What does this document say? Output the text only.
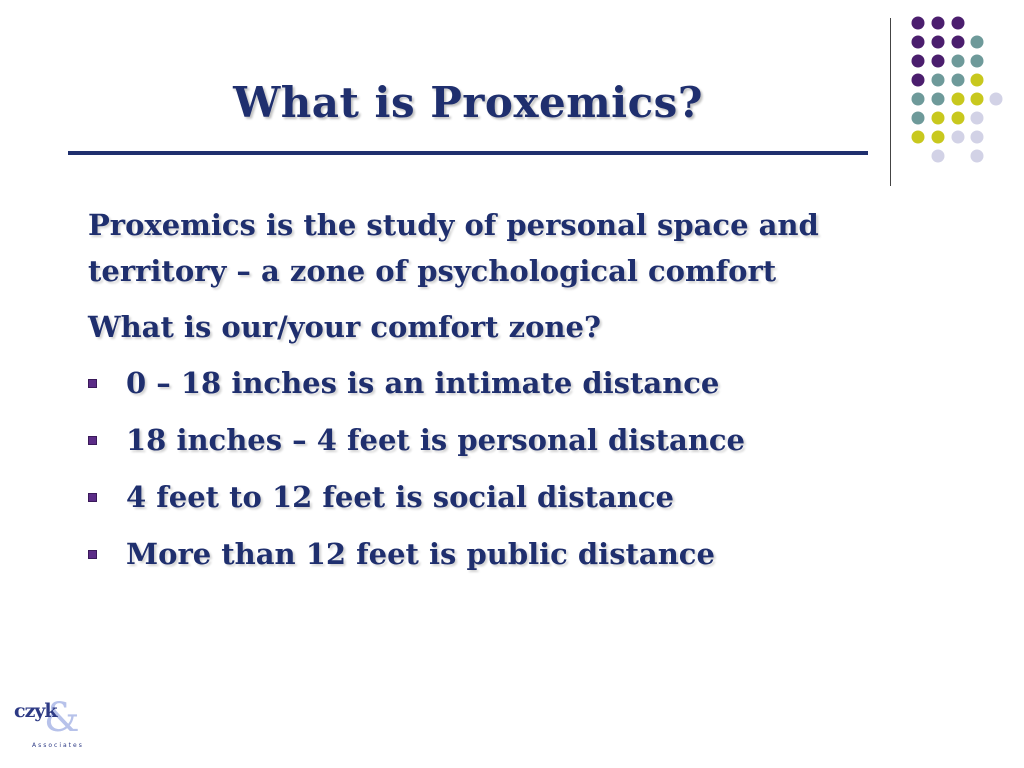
What is Proxemics?

Proxemics is the study of personal space and territory – a zone of psychological comfort

What is our/your comfort zone?

0 – 18 inches is an intimate distance
18 inches – 4 feet is personal distance
4 feet to 12 feet is social distance
More than 12 feet is public distance
&
czyk
Associates
